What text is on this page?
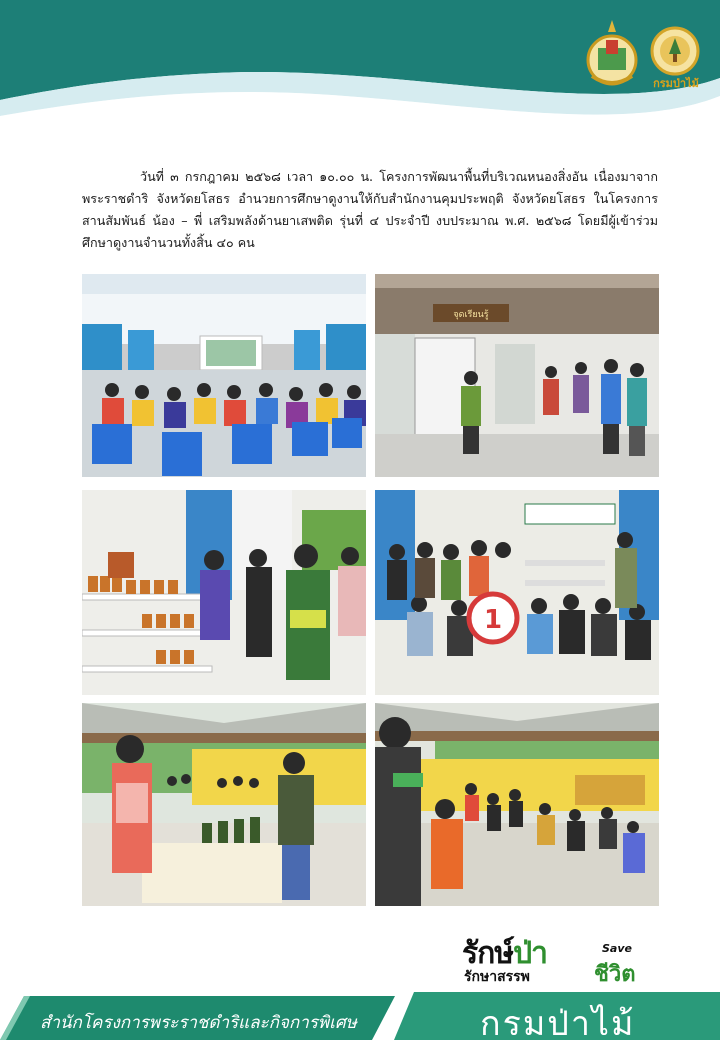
กรมป่าไม้

วันที่ ๓ กรกฎาคม ๒๕๖๘ เวลา ๑๐.๐๐ น. โครงการพัฒนาพื้นที่บริเวณหนองสิ่งอัน เนื่องมาจากพระราชดำริ จังหวัดยโสธร อำนวยการศึกษาดูงานให้กับสำนักงานคุมประพฤติ จังหวัดยโสธร ในโครงการสานสัมพันธ์ น้อง – พี่ เสริมพลังด้านยาเสพติด รุ่นที่ ๔ ประจำปี งบประมาณ พ.ศ. ๒๕๖๘ โดยมีผู้เข้าร่วมศึกษาดูงานจำนวนทั้งสิ้น ๔๐ คน

จุดเรียนรู้
1
รักษ์ป่า
รักษาสรรพ
Save
ชีวิต
สำนักโครงการพระราชดำริและกิจการพิเศษ	กรมป่าไม้
